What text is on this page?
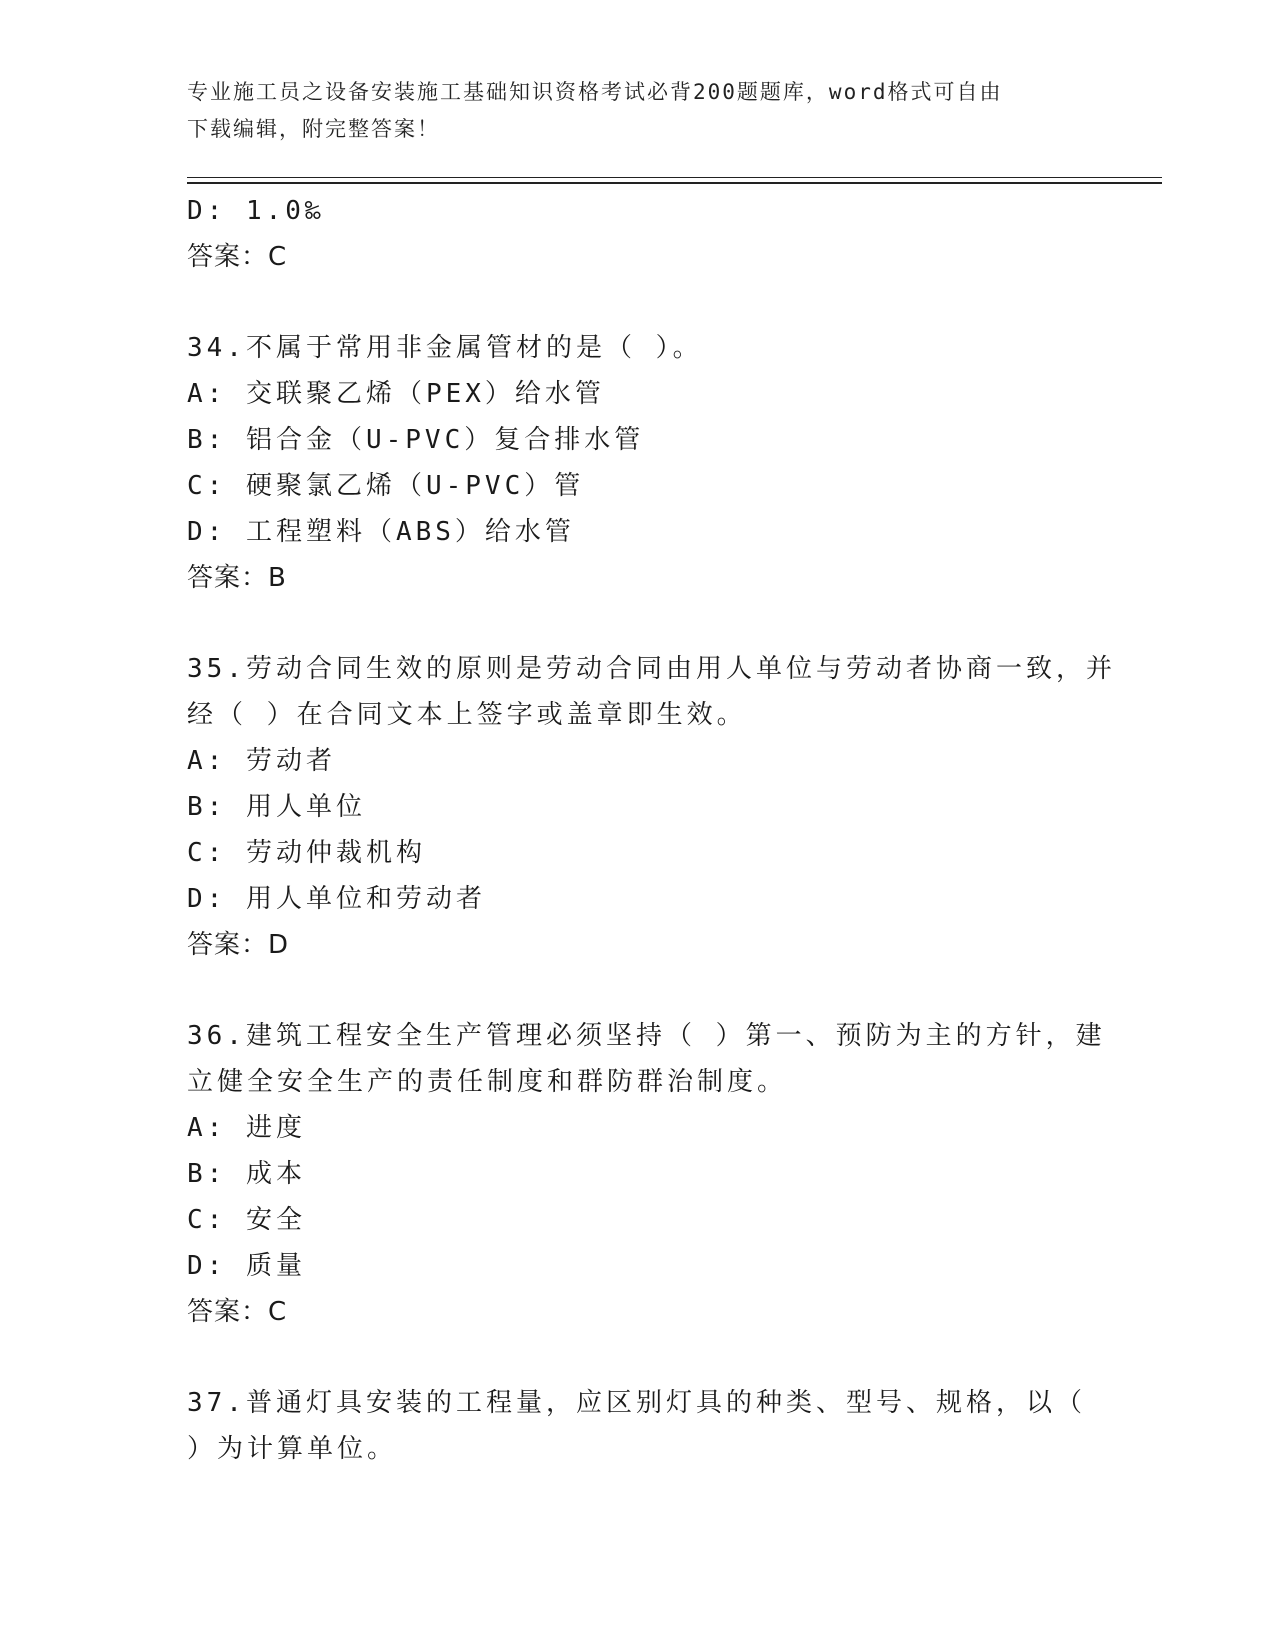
专业施工员之设备安装施工基础知识资格考试必背200题题库，word格式可自由
下载编辑，附完整答案！
D: 1.0‰
答案：C
34.不属于常用非金属管材的是（ ）。
A: 交联聚乙烯（PEX）给水管
B: 铝合金（U-PVC）复合排水管
C: 硬聚氯乙烯（U-PVC）管
D: 工程塑料（ABS）给水管
答案：B
35.劳动合同生效的原则是劳动合同由用人单位与劳动者协商一致，并
经（ ）在合同文本上签字或盖章即生效。
A: 劳动者
B: 用人单位
C: 劳动仲裁机构
D: 用人单位和劳动者
答案：D
36.建筑工程安全生产管理必须坚持（ ）第一、预防为主的方针，建
立健全安全生产的责任制度和群防群治制度。
A: 进度
B: 成本
C: 安全
D: 质量
答案：C
37.普通灯具安装的工程量，应区别灯具的种类、型号、规格，以（
）为计算单位。
